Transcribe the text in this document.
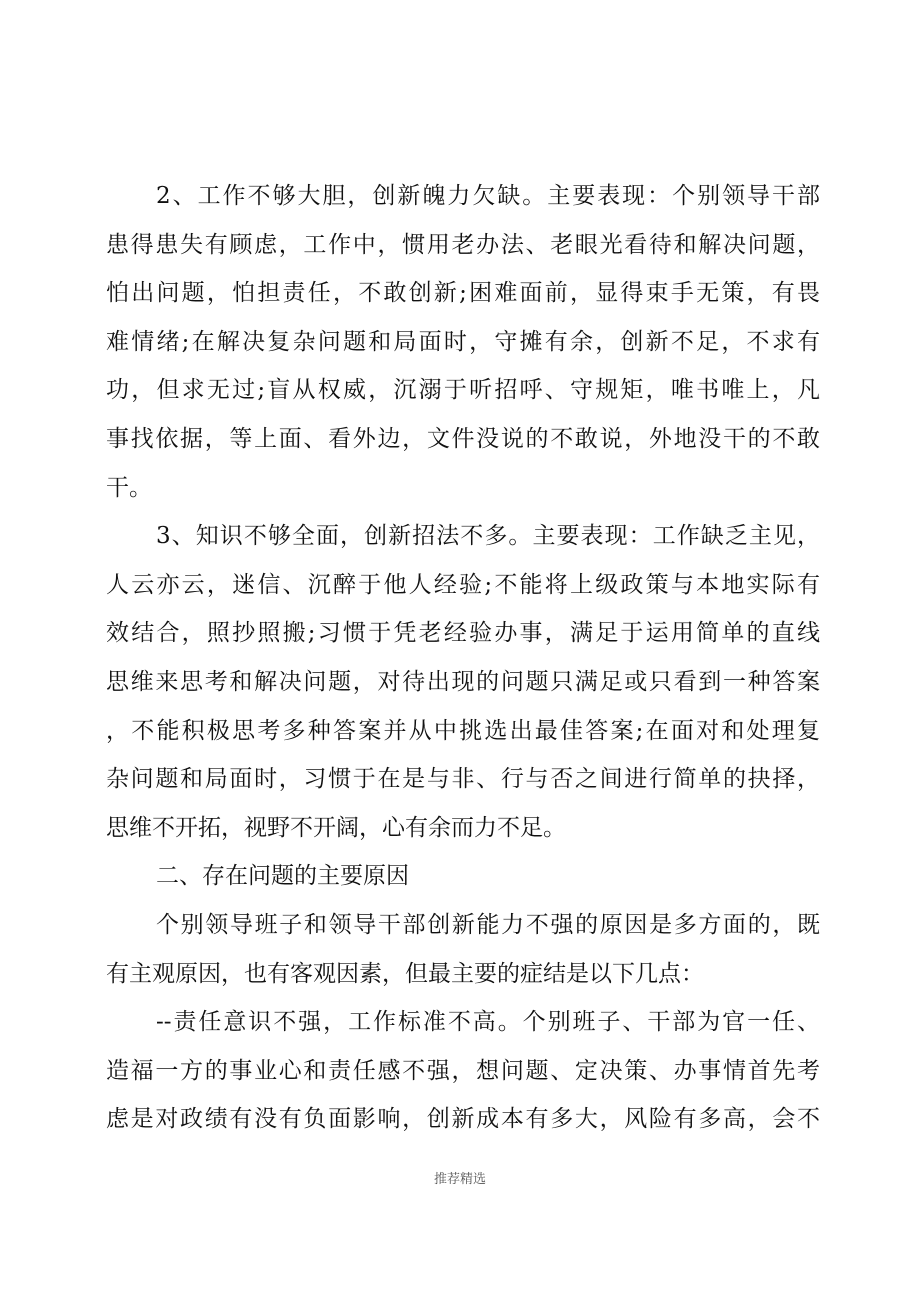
2、工作不够大胆，创新魄力欠缺。主要表现：个别领导干部
患得患失有顾虑，工作中，惯用老办法、老眼光看待和解决问题，
怕出问题，怕担责任，不敢创新;困难面前，显得束手无策，有畏
难情绪;在解决复杂问题和局面时，守摊有余，创新不足，不求有
功，但求无过;盲从权威，沉溺于听招呼、守规矩，唯书唯上，凡
事找依据，等上面、看外边，文件没说的不敢说，外地没干的不敢
干。
3、知识不够全面，创新招法不多。主要表现：工作缺乏主见，
人云亦云，迷信、沉醉于他人经验;不能将上级政策与本地实际有
效结合，照抄照搬;习惯于凭老经验办事，满足于运用简单的直线
思维来思考和解决问题，对待出现的问题只满足或只看到一种答案
，不能积极思考多种答案并从中挑选出最佳答案;在面对和处理复
杂问题和局面时，习惯于在是与非、行与否之间进行简单的抉择，
思维不开拓，视野不开阔，心有余而力不足。
二、存在问题的主要原因
个别领导班子和领导干部创新能力不强的原因是多方面的，既
有主观原因，也有客观因素，但最主要的症结是以下几点：
--责任意识不强，工作标准不高。个别班子、干部为官一任、
造福一方的事业心和责任感不强，想问题、定决策、办事情首先考
虑是对政绩有没有负面影响，创新成本有多大，风险有多高，会不
推荐精选
